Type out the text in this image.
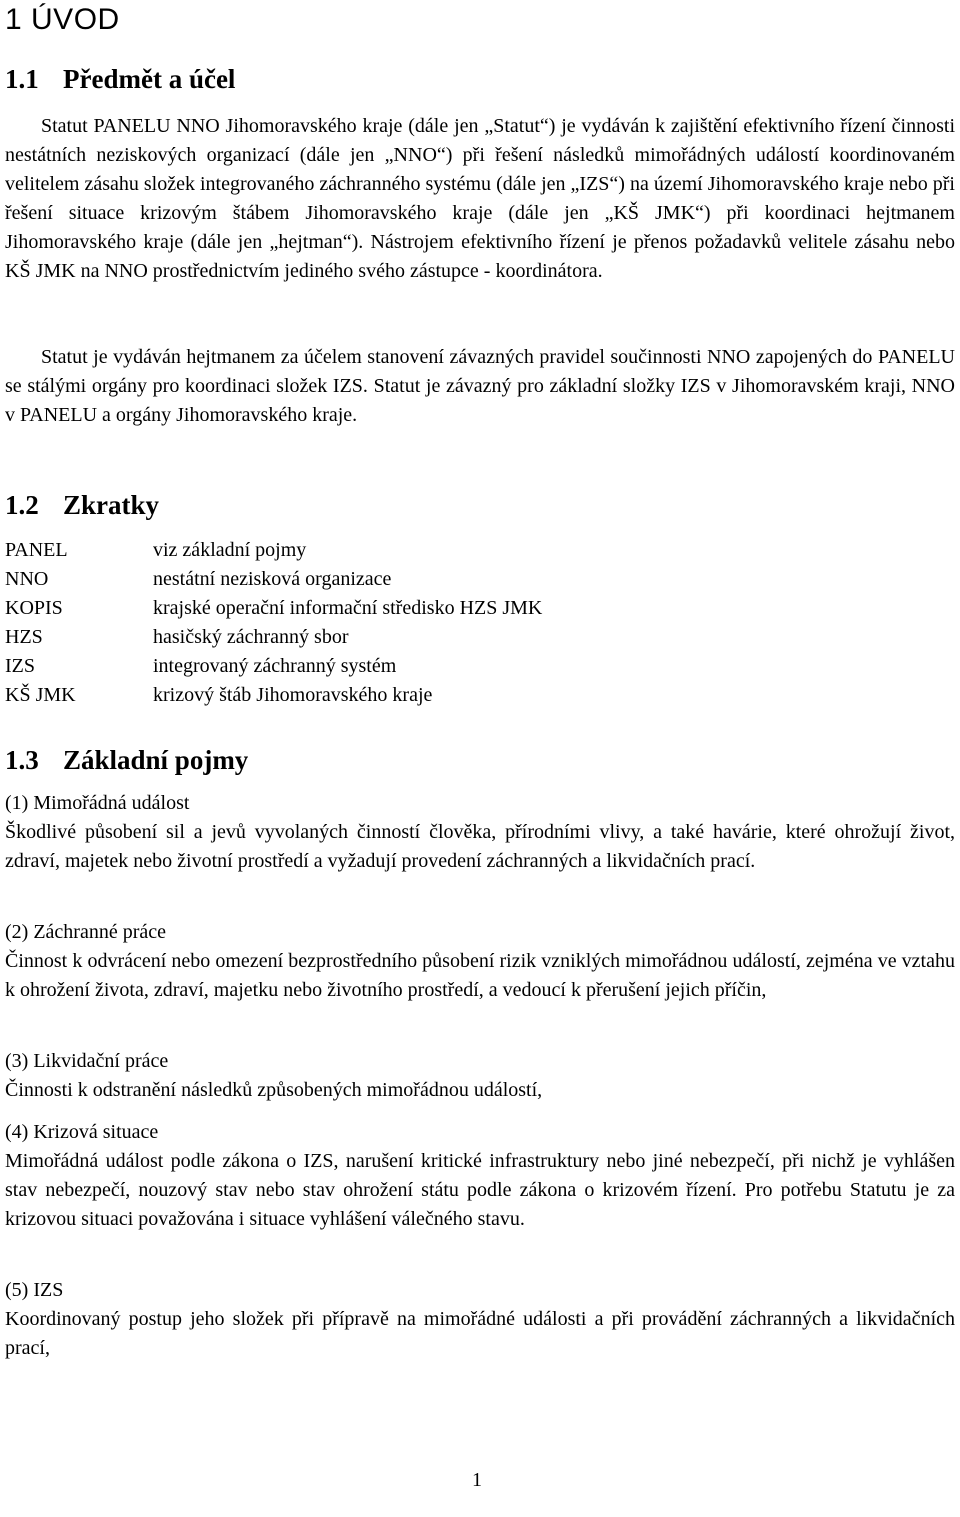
1 ÚVOD
1.1 Předmět a účel

Statut PANELU NNO Jihomoravského kraje (dále jen „Statut“) je vydáván k zajištění efektivního řízení činnosti nestátních neziskových organizací (dále jen „NNO“) při řešení následků mimořádných událostí koordinovaném velitelem zásahu složek integrovaného záchranného systému (dále jen „IZS“) na území Jihomoravského kraje nebo při řešení situace krizovým štábem Jihomoravského kraje (dále jen „KŠ JMK“) při koordinaci hejtmanem Jihomoravského kraje (dále jen „hejtman“). Nástrojem efektivního řízení je přenos požadavků velitele zásahu nebo KŠ JMK na NNO prostřednictvím jediného svého zástupce - koordinátora.

Statut je vydáván hejtmanem za účelem stanovení závazných pravidel součinnosti NNO zapojených do PANELU se stálými orgány pro koordinaci složek IZS. Statut je závazný pro základní složky IZS v Jihomoravském kraji, NNO v PANELU a orgány Jihomoravského kraje.

1.2 Zkratky
PANEL	viz základní pojmy
NNO	nestátní nezisková organizace
KOPIS	krajské operační informační středisko HZS JMK
HZS	hasičský záchranný sbor
IZS	integrovaný záchranný systém
KŠ JMK	krizový štáb Jihomoravského kraje
1.3 Základní pojmy

(1) Mimořádná událost

Škodlivé působení sil a jevů vyvolaných činností člověka, přírodními vlivy, a také havárie, které ohrožují život, zdraví, majetek nebo životní prostředí a vyžadují provedení záchranných a likvidačních prací.

(2) Záchranné práce

Činnost k odvrácení nebo omezení bezprostředního působení rizik vzniklých mimořádnou událostí, zejména ve vztahu k ohrožení života, zdraví, majetku nebo životního prostředí, a vedoucí k přerušení jejich příčin,

(3) Likvidační práce

Činnosti k odstranění následků způsobených mimořádnou událostí,

(4) Krizová situace

Mimořádná událost podle zákona o IZS, narušení kritické infrastruktury nebo jiné nebezpečí, při nichž je vyhlášen stav nebezpečí, nouzový stav nebo stav ohrožení státu podle zákona o krizovém řízení. Pro potřebu Statutu je za krizovou situaci považována i situace vyhlášení válečného stavu.

(5) IZS

Koordinovaný postup jeho složek při přípravě na mimořádné události a při provádění záchranných a likvidačních prací,

1
